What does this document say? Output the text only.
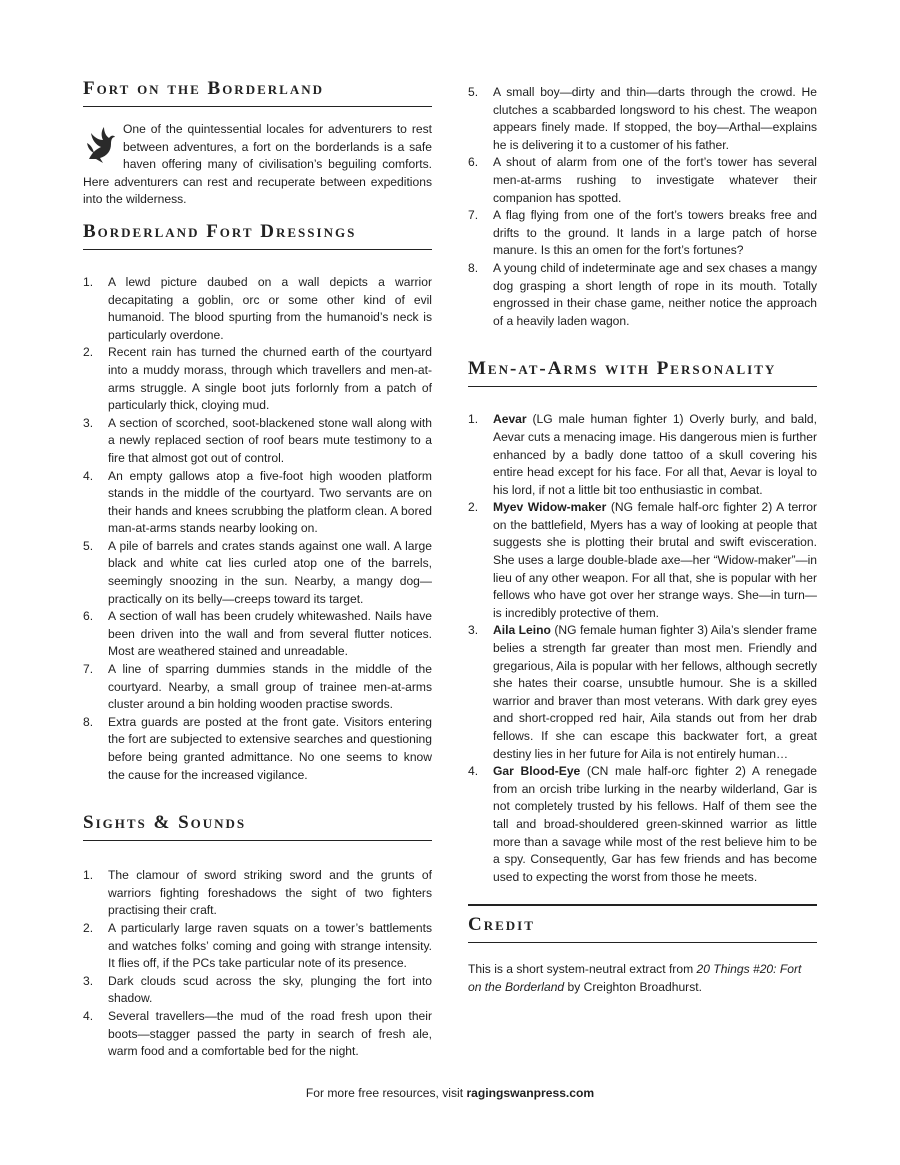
Fort on the Borderland

One of the quintessential locales for adventurers to rest between adventures, a fort on the borderlands is a safe haven offering many of civilisation’s beguiling comforts. Here adventurers can rest and recuperate between expeditions into the wilderness.

Borderland Fort Dressings
1. A lewd picture daubed on a wall depicts a warrior decapitating a goblin, orc or some other kind of evil humanoid. The blood spurting from the humanoid’s neck is particularly overdone.
2. Recent rain has turned the churned earth of the courtyard into a muddy morass, through which travellers and men-at-arms struggle. A single boot juts forlornly from a patch of particularly thick, cloying mud.
3. A section of scorched, soot-blackened stone wall along with a newly replaced section of roof bears mute testimony to a fire that almost got out of control.
4. An empty gallows atop a five-foot high wooden platform stands in the middle of the courtyard. Two servants are on their hands and knees scrubbing the platform clean. A bored man-at-arms stands nearby looking on.
5. A pile of barrels and crates stands against one wall. A large black and white cat lies curled atop one of the barrels, seemingly snoozing in the sun. Nearby, a mangy dog—practically on its belly—creeps toward its target.
6. A section of wall has been crudely whitewashed. Nails have been driven into the wall and from several flutter notices. Most are weathered stained and unreadable.
7. A line of sparring dummies stands in the middle of the courtyard. Nearby, a small group of trainee men-at-arms cluster around a bin holding wooden practise swords.
8. Extra guards are posted at the front gate. Visitors entering the fort are subjected to extensive searches and questioning before being granted admittance. No one seems to know the cause for the increased vigilance.
Sights & Sounds
1. The clamour of sword striking sword and the grunts of warriors fighting foreshadows the sight of two fighters practising their craft.
2. A particularly large raven squats on a tower’s battlements and watches folks’ coming and going with strange intensity. It flies off, if the PCs take particular note of its presence.
3. Dark clouds scud across the sky, plunging the fort into shadow.
4. Several travellers—the mud of the road fresh upon their boots—stagger passed the party in search of fresh ale, warm food and a comfortable bed for the night.
5. A small boy—dirty and thin—darts through the crowd. He clutches a scabbarded longsword to his chest. The weapon appears finely made. If stopped, the boy—Arthal—explains he is delivering it to a customer of his father.
6. A shout of alarm from one of the fort’s tower has several men-at-arms rushing to investigate whatever their companion has spotted.
7. A flag flying from one of the fort’s towers breaks free and drifts to the ground. It lands in a large patch of horse manure. Is this an omen for the fort’s fortunes?
8. A young child of indeterminate age and sex chases a mangy dog grasping a short length of rope in its mouth. Totally engrossed in their chase game, neither notice the approach of a heavily laden wagon.
Men-at-Arms with Personality
1. Aevar (LG male human fighter 1) Overly burly, and bald, Aevar cuts a menacing image. His dangerous mien is further enhanced by a badly done tattoo of a skull covering his entire head except for his face. For all that, Aevar is loyal to his lord, if not a little bit too enthusiastic in combat.
2. Myev Widow-maker (NG female half-orc fighter 2) A terror on the battlefield, Myers has a way of looking at people that suggests she is plotting their brutal and swift evisceration. She uses a large double-blade axe—her “Widow-maker”—in lieu of any other weapon. For all that, she is popular with her fellows who have got over her strange ways. She—in turn—is incredibly protective of them.
3. Aila Leino (NG female human fighter 3) Aila’s slender frame belies a strength far greater than most men. Friendly and gregarious, Aila is popular with her fellows, although secretly she hates their coarse, unsubtle humour. She is a skilled warrior and braver than most veterans. With dark grey eyes and short-cropped red hair, Aila stands out from her drab fellows. If she can escape this backwater fort, a great destiny lies in her future for Aila is not entirely human…
4. Gar Blood-Eye (CN male half-orc fighter 2) A renegade from an orcish tribe lurking in the nearby wilderland, Gar is not completely trusted by his fellows. Half of them see the tall and broad-shouldered green-skinned warrior as little more than a savage while most of the rest believe him to be a spy. Consequently, Gar has few friends and has become used to expecting the worst from those he meets.
Credit

This is a short system-neutral extract from 20 Things #20: Fort on the Borderland by Creighton Broadhurst.

For more free resources, visit ragingswanpress.com
